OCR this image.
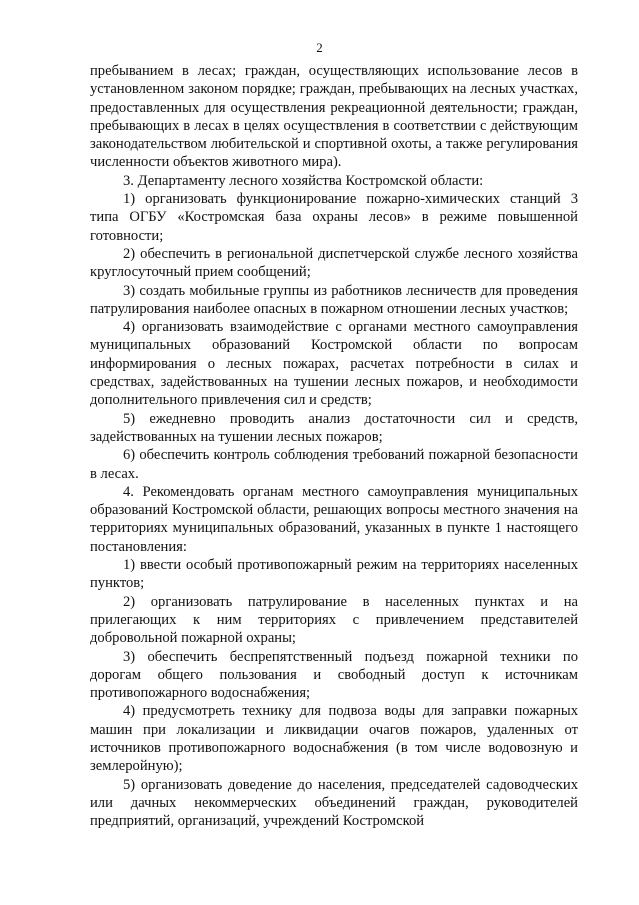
2

пребыванием в лесах; граждан, осуществляющих использование лесов в установленном законом порядке; граждан, пребывающих на лесных участках, предоставленных для осуществления рекреационной деятельности; граждан, пребывающих в лесах в целях осуществления в соответствии с действующим законодательством любительской и спортивной охоты, а также регулирования численности объектов животного мира).

3. Департаменту лесного хозяйства Костромской области:

1) организовать функционирование пожарно-химических станций 3 типа ОГБУ «Костромская база охраны лесов» в режиме повышенной готовности;

2) обеспечить в региональной диспетчерской службе лесного хозяйства круглосуточный прием сообщений;

3) создать мобильные группы из работников лесничеств для проведения патрулирования наиболее опасных в пожарном отношении лесных участков;

4) организовать взаимодействие с органами местного самоуправления муниципальных образований Костромской области по вопросам информирования о лесных пожарах, расчетах потребности в силах и средствах, задействованных на тушении лесных пожаров, и необходимости дополнительного привлечения сил и средств;

5) ежедневно проводить анализ достаточности сил и средств, задействованных на тушении лесных пожаров;

6) обеспечить контроль соблюдения требований пожарной безопасности в лесах.

4. Рекомендовать органам местного самоуправления муниципальных образований Костромской области, решающих вопросы местного значения на территориях муниципальных образований, указанных в пункте 1 настоящего постановления:

1) ввести особый противопожарный режим на территориях населенных пунктов;

2) организовать патрулирование в населенных пунктах и на прилегающих к ним территориях с привлечением представителей добровольной пожарной охраны;

3) обеспечить беспрепятственный подъезд пожарной техники по дорогам общего пользования и свободный доступ к источникам противопожарного водоснабжения;

4) предусмотреть технику для подвоза воды для заправки пожарных машин при локализации и ликвидации очагов пожаров, удаленных от источников противопожарного водоснабжения (в том числе водовозную и землеройную);

5) организовать доведение до населения, председателей садоводческих или дачных некоммерческих объединений граждан, руководителей предприятий, организаций, учреждений Костромской
